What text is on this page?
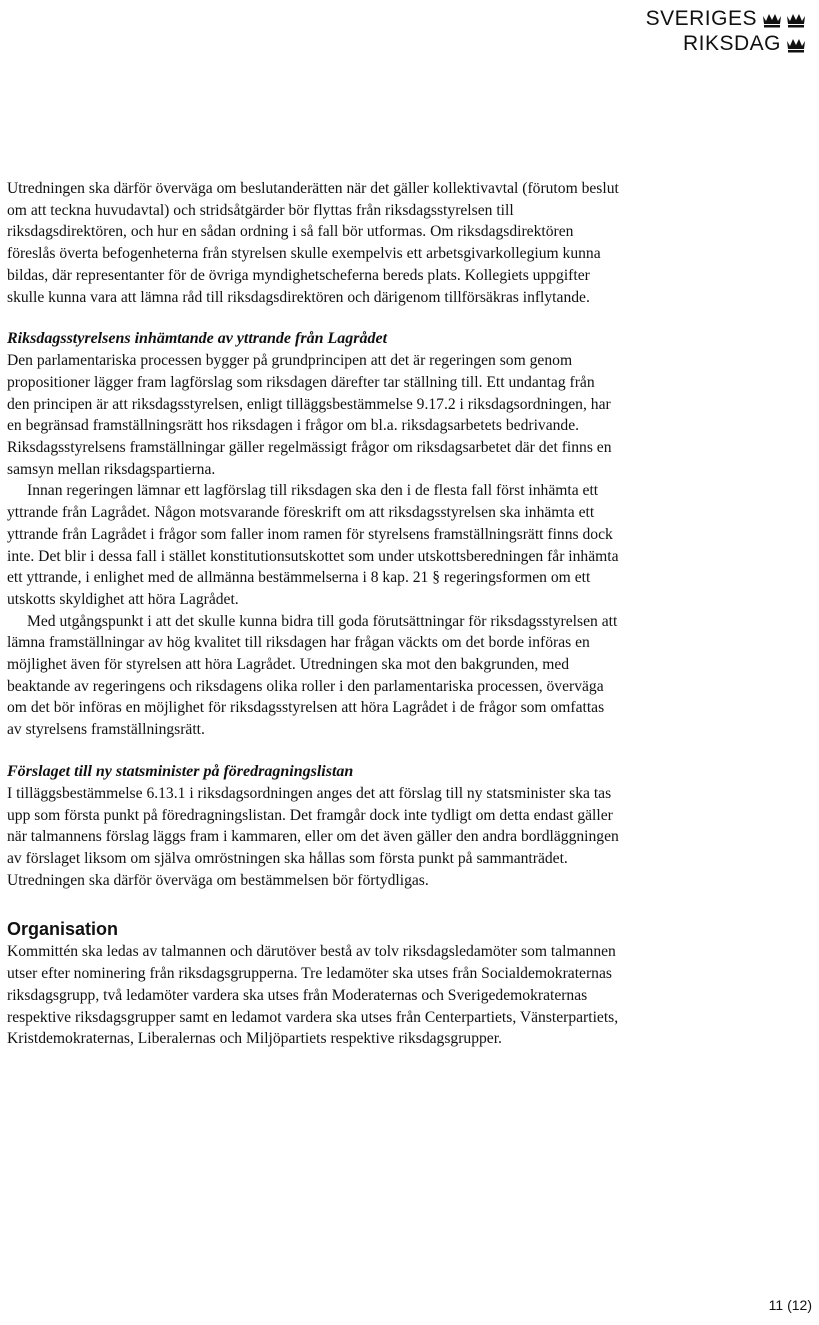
SVERIGES
RIKSDAG

Utredningen ska därför överväga om beslutanderätten när det gäller kollektivavtal (förutom beslut om att teckna huvudavtal) och stridsåtgärder bör flyttas från riksdagsstyrelsen till riksdagsdirektören, och hur en sådan ordning i så fall bör utformas. Om riksdagsdirektören föreslås överta befogenheterna från styrelsen skulle exempelvis ett arbetsgivarkollegium kunna bildas, där representanter för de övriga myndighetscheferna bereds plats. Kollegiets uppgifter skulle kunna vara att lämna råd till riksdagsdirektören och därigenom tillförsäkras inflytande.

Riksdagsstyrelsens inhämtande av yttrande från Lagrådet

Den parlamentariska processen bygger på grundprincipen att det är regeringen som genom propositioner lägger fram lagförslag som riksdagen därefter tar ställning till. Ett undantag från den principen är att riksdagsstyrelsen, enligt tilläggsbestämmelse 9.17.2 i riksdagsordningen, har en begränsad framställningsrätt hos riksdagen i frågor om bl.a. riksdagsarbetets bedrivande. Riksdagsstyrelsens framställningar gäller regelmässigt frågor om riksdagsarbetet där det finns en samsyn mellan riksdagspartierna.

Innan regeringen lämnar ett lagförslag till riksdagen ska den i de flesta fall först inhämta ett yttrande från Lagrådet. Någon motsvarande föreskrift om att riksdagsstyrelsen ska inhämta ett yttrande från Lagrådet i frågor som faller inom ramen för styrelsens framställningsrätt finns dock inte. Det blir i dessa fall i stället konstitutionsutskottet som under utskottsberedningen får inhämta ett yttrande, i enlighet med de allmänna bestämmelserna i 8 kap. 21 § regeringsformen om ett utskotts skyldighet att höra Lagrådet.

Med utgångspunkt i att det skulle kunna bidra till goda förutsättningar för riksdagsstyrelsen att lämna framställningar av hög kvalitet till riksdagen har frågan väckts om det borde införas en möjlighet även för styrelsen att höra Lagrådet. Utredningen ska mot den bakgrunden, med beaktande av regeringens och riksdagens olika roller i den parlamentariska processen, överväga om det bör införas en möjlighet för riksdagsstyrelsen att höra Lagrådet i de frågor som omfattas av styrelsens framställningsrätt.

Förslaget till ny statsminister på föredragningslistan

I tilläggsbestämmelse 6.13.1 i riksdagsordningen anges det att förslag till ny statsminister ska tas upp som första punkt på föredragningslistan. Det framgår dock inte tydligt om detta endast gäller när talmannens förslag läggs fram i kammaren, eller om det även gäller den andra bordläggningen av förslaget liksom om själva omröstningen ska hållas som första punkt på sammanträdet. Utredningen ska därför överväga om bestämmelsen bör förtydligas.

Organisation

Kommittén ska ledas av talmannen och därutöver bestå av tolv riksdagsledamöter som talmannen utser efter nominering från riksdagsgrupperna. Tre ledamöter ska utses från Socialdemokraternas riksdagsgrupp, två ledamöter vardera ska utses från Moderaternas och Sverigedemokraternas respektive riksdagsgrupper samt en ledamot vardera ska utses från Centerpartiets, Vänsterpartiets, Kristdemokraternas, Liberalernas och Miljöpartiets respektive riksdagsgrupper.

11 (12)
